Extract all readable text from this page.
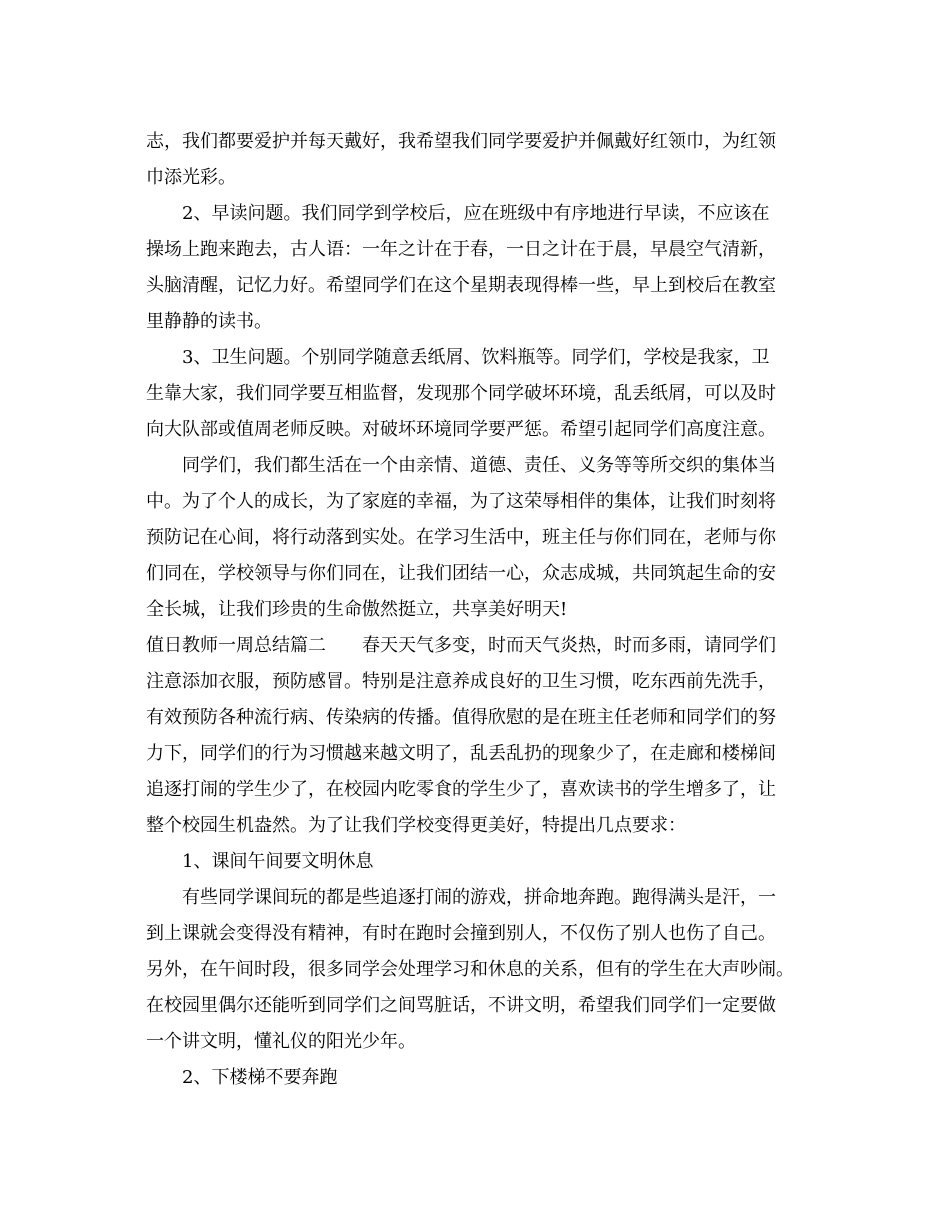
志，我们都要爱护并每天戴好，我希望我们同学要爱护并佩戴好红领巾，为红领
巾添光彩。
2、早读问题。我们同学到学校后，应在班级中有序地进行早读，不应该在
操场上跑来跑去，古人语：一年之计在于春，一日之计在于晨，早晨空气清新，
头脑清醒，记忆力好。希望同学们在这个星期表现得棒一些，早上到校后在教室
里静静的读书。
3、卫生问题。个别同学随意丢纸屑、饮料瓶等。同学们，学校是我家，卫
生靠大家，我们同学要互相监督，发现那个同学破坏环境，乱丢纸屑，可以及时
向大队部或值周老师反映。对破坏环境同学要严惩。希望引起同学们高度注意。
同学们，我们都生活在一个由亲情、道德、责任、义务等等所交织的集体当
中。为了个人的成长，为了家庭的幸福，为了这荣辱相伴的集体，让我们时刻将
预防记在心间，将行动落到实处。在学习生活中，班主任与你们同在，老师与你
们同在，学校领导与你们同在，让我们团结一心，众志成城，共同筑起生命的安
全长城，让我们珍贵的生命傲然挺立，共享美好明天!
值日教师一周总结篇二　　春天天气多变，时而天气炎热，时而多雨，请同学们
注意添加衣服，预防感冒。特别是注意养成良好的卫生习惯，吃东西前先洗手，
有效预防各种流行病、传染病的传播。值得欣慰的是在班主任老师和同学们的努
力下，同学们的行为习惯越来越文明了，乱丢乱扔的现象少了，在走廊和楼梯间
追逐打闹的学生少了，在校园内吃零食的学生少了，喜欢读书的学生增多了，让
整个校园生机盎然。为了让我们学校变得更美好，特提出几点要求：
1、课间午间要文明休息
有些同学课间玩的都是些追逐打闹的游戏，拼命地奔跑。跑得满头是汗，一
到上课就会变得没有精神，有时在跑时会撞到别人，不仅伤了别人也伤了自己。
另外，在午间时段，很多同学会处理学习和休息的关系，但有的学生在大声吵闹。
在校园里偶尔还能听到同学们之间骂脏话，不讲文明，希望我们同学们一定要做
一个讲文明，懂礼仪的阳光少年。
2、下楼梯不要奔跑
